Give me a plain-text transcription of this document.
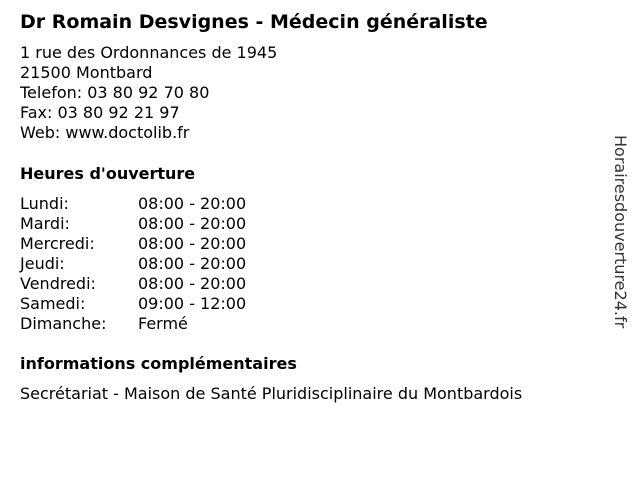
Dr Romain Desvignes - Médecin généraliste
1 rue des Ordonnances de 1945
21500 Montbard
Telefon: 03 80 92 70 80
Fax: 03 80 92 21 97
Web: www.doctolib.fr
Heures d'ouverture
Lundi:	08:00 - 20:00
Mardi:	08:00 - 20:00
Mercredi:	08:00 - 20:00
Jeudi:	08:00 - 20:00
Vendredi:	08:00 - 20:00
Samedi:	09:00 - 12:00
Dimanche:	Fermé
informations complémentaires
Secrétariat - Maison de Santé Pluridisciplinaire du Montbardois
Horairesdouverture24.fr
